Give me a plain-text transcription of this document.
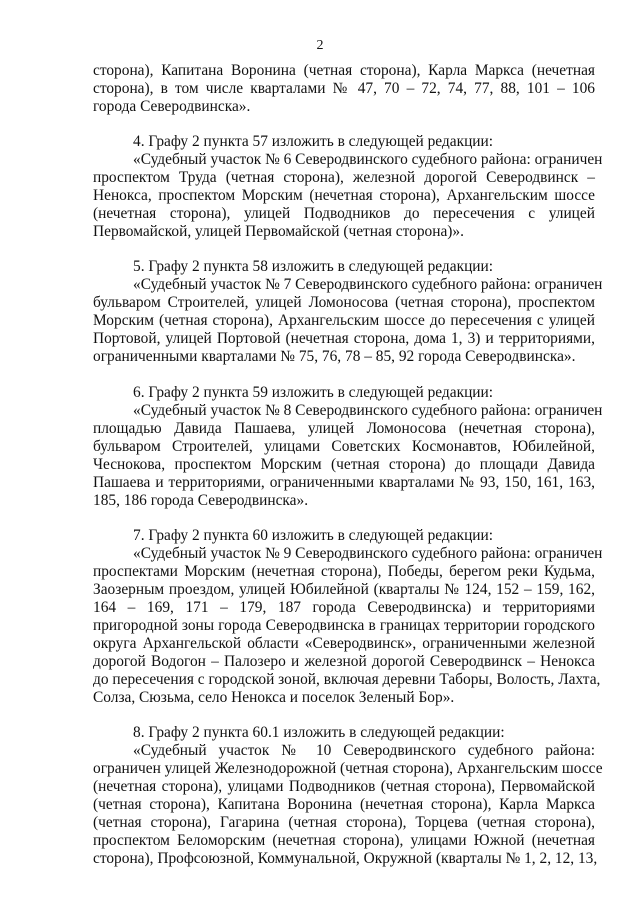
2
сторона), Капитана Воронина (четная сторона), Карла Маркса (нечетная
сторона), в том числе кварталами № 47, 70 – 72, 74, 77, 88, 101 – 106
города Северодвинска».
4. Графу 2 пункта 57 изложить в следующей редакции:
«Судебный участок № 6 Северодвинского судебного района: ограничен
проспектом Труда (четная сторона), железной дорогой Северодвинск –
Ненокса, проспектом Морским (нечетная сторона), Архангельским шоссе
(нечетная сторона), улицей Подводников до пересечения с улицей
Первомайской, улицей Первомайской (четная сторона)».
5. Графу 2 пункта 58 изложить в следующей редакции:
«Судебный участок № 7 Северодвинского судебного района: ограничен
бульваром Строителей, улицей Ломоносова (четная сторона), проспектом
Морским (четная сторона), Архангельским шоссе до пересечения с улицей
Портовой, улицей Портовой (нечетная сторона, дома 1, 3) и территориями,
ограниченными кварталами № 75, 76, 78 – 85, 92 города Северодвинска».
6. Графу 2 пункта 59 изложить в следующей редакции:
«Судебный участок № 8 Северодвинского судебного района: ограничен
площадью Давида Пашаева, улицей Ломоносова (нечетная сторона),
бульваром Строителей, улицами Советских Космонавтов, Юбилейной,
Чеснокова, проспектом Морским (четная сторона) до площади Давида
Пашаева и территориями, ограниченными кварталами № 93, 150, 161, 163,
185, 186 города Северодвинска».
7. Графу 2 пункта 60 изложить в следующей редакции:
«Судебный участок № 9 Северодвинского судебного района: ограничен
проспектами Морским (нечетная сторона), Победы, берегом реки Кудьма,
Заозерным проездом, улицей Юбилейной (кварталы № 124, 152 – 159, 162,
164 – 169, 171 – 179, 187 города Северодвинска) и территориями
пригородной зоны города Северодвинска в границах территории городского
округа Архангельской области «Северодвинск», ограниченными железной
дорогой Водогон – Палозеро и железной дорогой Северодвинск – Ненокса
до пересечения с городской зоной, включая деревни Таборы, Волость, Лахта,
Солза, Сюзьма, село Ненокса и поселок Зеленый Бор».
8. Графу 2 пункта 60.1 изложить в следующей редакции:
«Судебный участок № 10 Северодвинского судебного района:
ограничен улицей Железнодорожной (четная сторона), Архангельским шоссе
(нечетная сторона), улицами Подводников (четная сторона), Первомайской
(четная сторона), Капитана Воронина (нечетная сторона), Карла Маркса
(четная сторона), Гагарина (четная сторона), Торцева (четная сторона),
проспектом Беломорским (нечетная сторона), улицами Южной (нечетная
сторона), Профсоюзной, Коммунальной, Окружной (кварталы № 1, 2, 12, 13,
